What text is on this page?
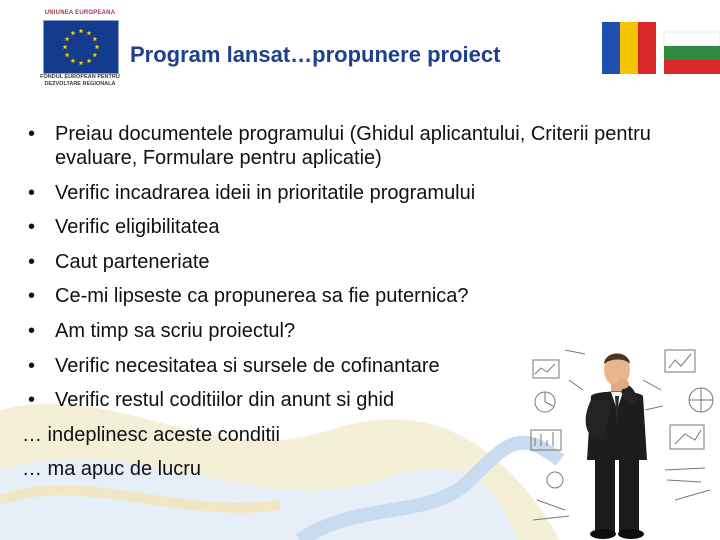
UNIUNEA EUROPEANA
FONDUL EUROPEAN PENTRU DEZVOLTARE REGIONALA
Program lansat…propunere proiect
• Preiau documentele programului (Ghidul aplicantului, Criterii pentru evaluare, Formulare pentru aplicatie)
• Verific incadrarea ideii in prioritatile programului
• Verific eligibilitatea
• Caut parteneriate
• Ce-mi lipseste ca propunerea sa fie puternica?
• Am timp sa scriu proiectul?
• Verific necesitatea si sursele de cofinantare
• Verific restul coditiilor din anunt si ghid

… indeplinesc aceste conditii

… ma apuc de lucru
